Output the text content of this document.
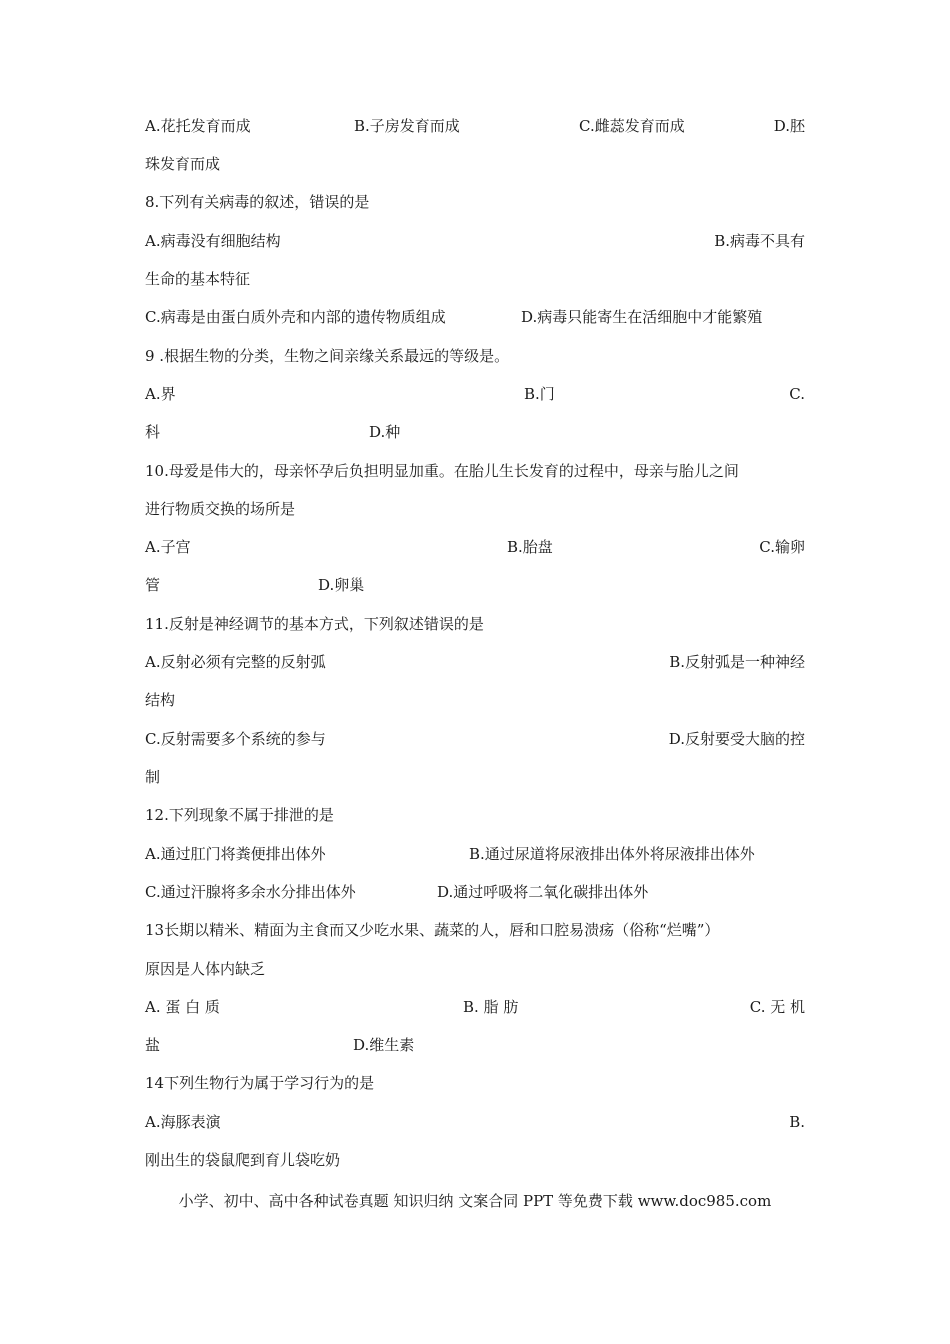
A.花托发育而成	B.子房发育而成	C.雌蕊发育而成	D.胚
珠发育而成
8.下列有关病毒的叙述，错误的是
A.病毒没有细胞结构	B.病毒不具有
生命的基本特征
C.病毒是由蛋白质外壳和内部的遗传物质组成	D.病毒只能寄生在活细胞中才能繁殖
9 .根据生物的分类，生物之间亲缘关系最远的等级是。
A.界	B.门	C.
科	D.种
10.母爱是伟大的，母亲怀孕后负担明显加重。在胎儿生长发育的过程中，母亲与胎儿之间
进行物质交换的场所是
A.子宫	B.胎盘	C.输卵
管	D.卵巢
11.反射是神经调节的基本方式，下列叙述错误的是
A.反射必须有完整的反射弧	B.反射弧是一种神经
结构
C.反射需要多个系统的参与	D.反射要受大脑的控
制
12.下列现象不属于排泄的是
A.通过肛门将粪便排出体外	B.通过尿道将尿液排出体外将尿液排出体外
C.通过汗腺将多余水分排出体外	D.通过呼吸将二氧化碳排出体外
13长期以精米、精面为主食而又少吃水果、蔬菜的人，唇和口腔易溃疡（俗称“烂嘴”）
原因是人体内缺乏
A. 蛋 白 质	B. 脂 肪	C. 无 机
盐	D.维生素
14下列生物行为属于学习行为的是
A.海豚表演	B.
刚出生的袋鼠爬到育儿袋吃奶
小学、初中、高中各种试卷真题 知识归纳 文案合同 PPT 等免费下载 www.doc985.com
